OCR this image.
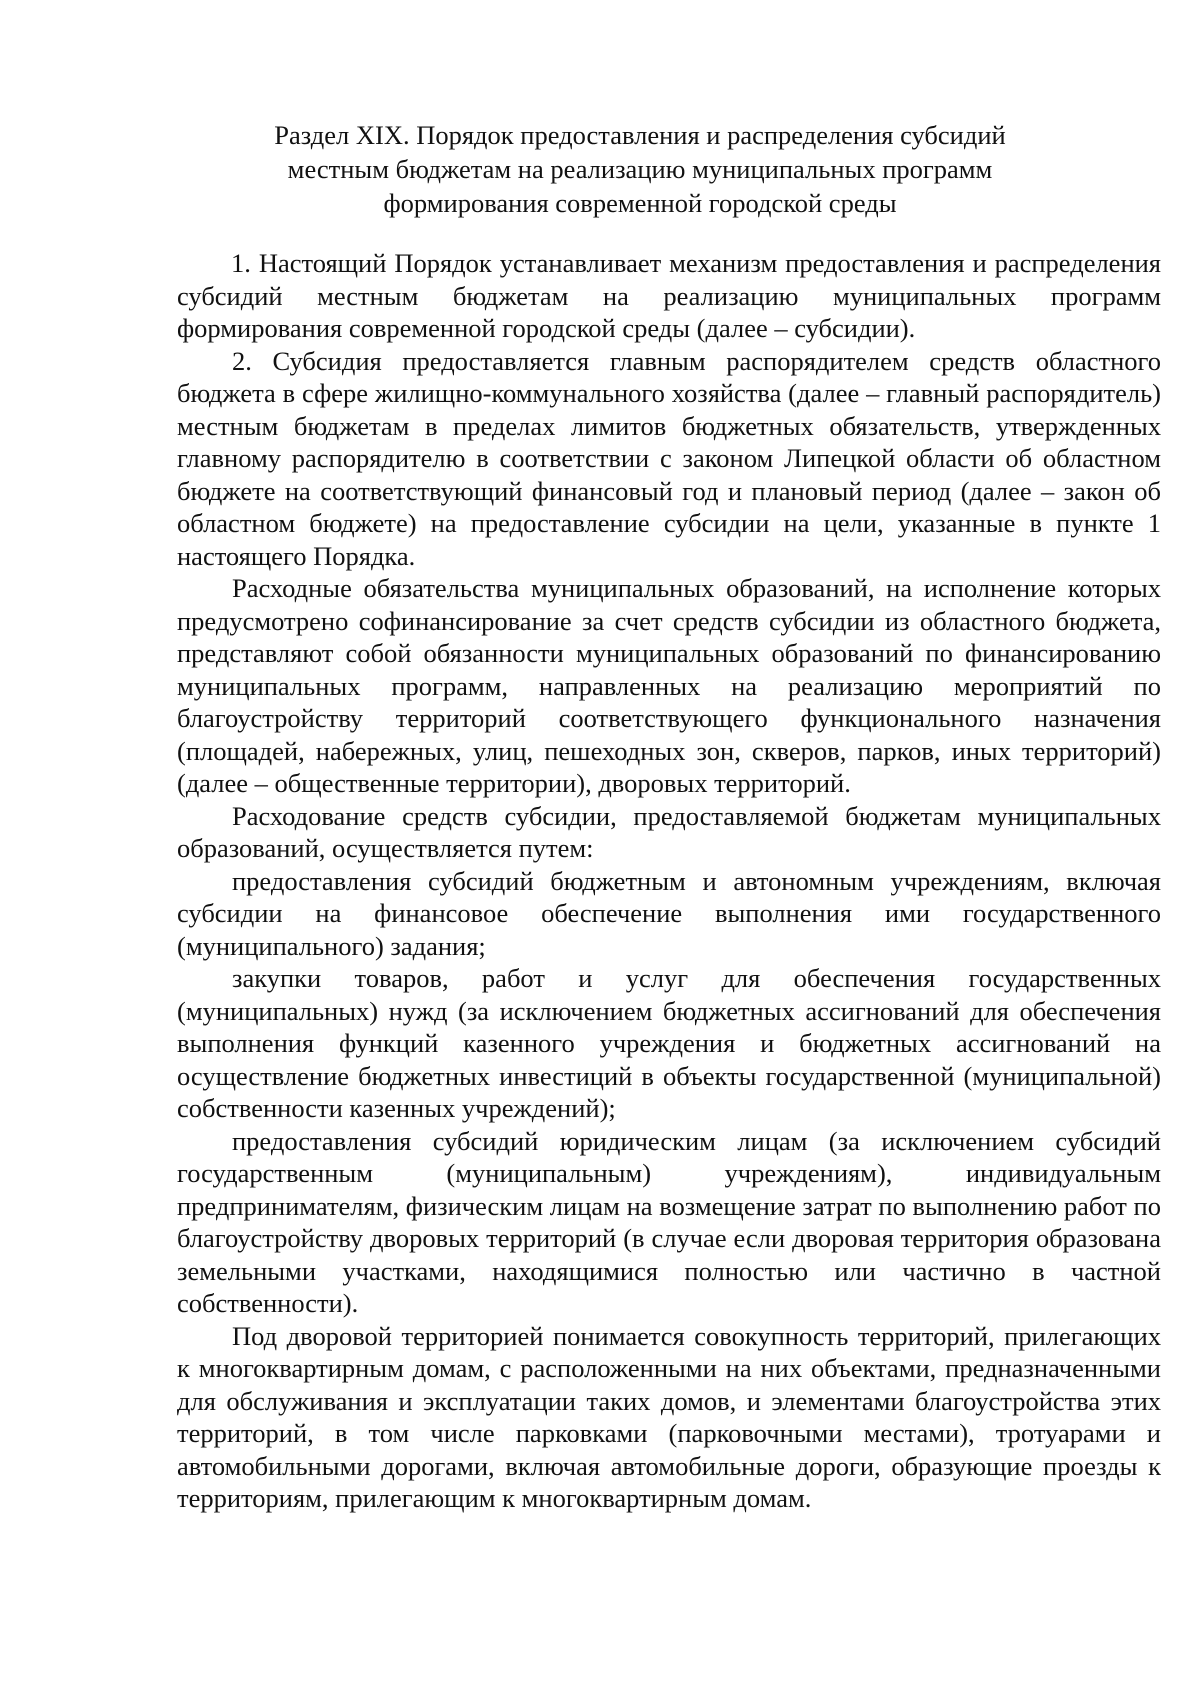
Раздел XIX. Порядок предоставления и распределения субсидий
местным бюджетам на реализацию муниципальных программ
формирования современной городской среды

1. Настоящий Порядок устанавливает механизм предоставления и распределения субсидий местным бюджетам на реализацию муниципальных программ формирования современной городской среды (далее – субсидии).

2. Субсидия предоставляется главным распорядителем средств областного бюджета в сфере жилищно-коммунального хозяйства (далее – главный распорядитель) местным бюджетам в пределах лимитов бюджетных обязательств, утвержденных главному распорядителю в соответствии с законом Липецкой области об областном бюджете на соответствующий финансовый год и плановый период (далее – закон об областном бюджете) на предоставление субсидии на цели, указанные в пункте 1 настоящего Порядка.

Расходные обязательства муниципальных образований, на исполнение которых предусмотрено софинансирование за счет средств субсидии из областного бюджета, представляют собой обязанности муниципальных образований по финансированию муниципальных программ, направленных на реализацию мероприятий по благоустройству территорий соответствующего функционального назначения (площадей, набережных, улиц, пешеходных зон, скверов, парков, иных территорий) (далее – общественные территории), дворовых территорий.

Расходование средств субсидии, предоставляемой бюджетам муниципальных образований, осуществляется путем:

предоставления субсидий бюджетным и автономным учреждениям, включая субсидии на финансовое обеспечение выполнения ими государственного (муниципального) задания;

закупки товаров, работ и услуг для обеспечения государственных (муниципальных) нужд (за исключением бюджетных ассигнований для обеспечения выполнения функций казенного учреждения и бюджетных ассигнований на осуществление бюджетных инвестиций в объекты государственной (муниципальной) собственности казенных учреждений);

предоставления субсидий юридическим лицам (за исключением субсидий государственным (муниципальным) учреждениям), индивидуальным предпринимателям, физическим лицам на возмещение затрат по выполнению работ по благоустройству дворовых территорий (в случае если дворовая территория образована земельными участками, находящимися полностью или частично в частной собственности).

Под дворовой территорией понимается совокупность территорий, прилегающих к многоквартирным домам, с расположенными на них объектами, предназначенными для обслуживания и эксплуатации таких домов, и элементами благоустройства этих территорий, в том числе парковками (парковочными местами), тротуарами и автомобильными дорогами, включая автомобильные дороги, образующие проезды к территориям, прилегающим к многоквартирным домам.
